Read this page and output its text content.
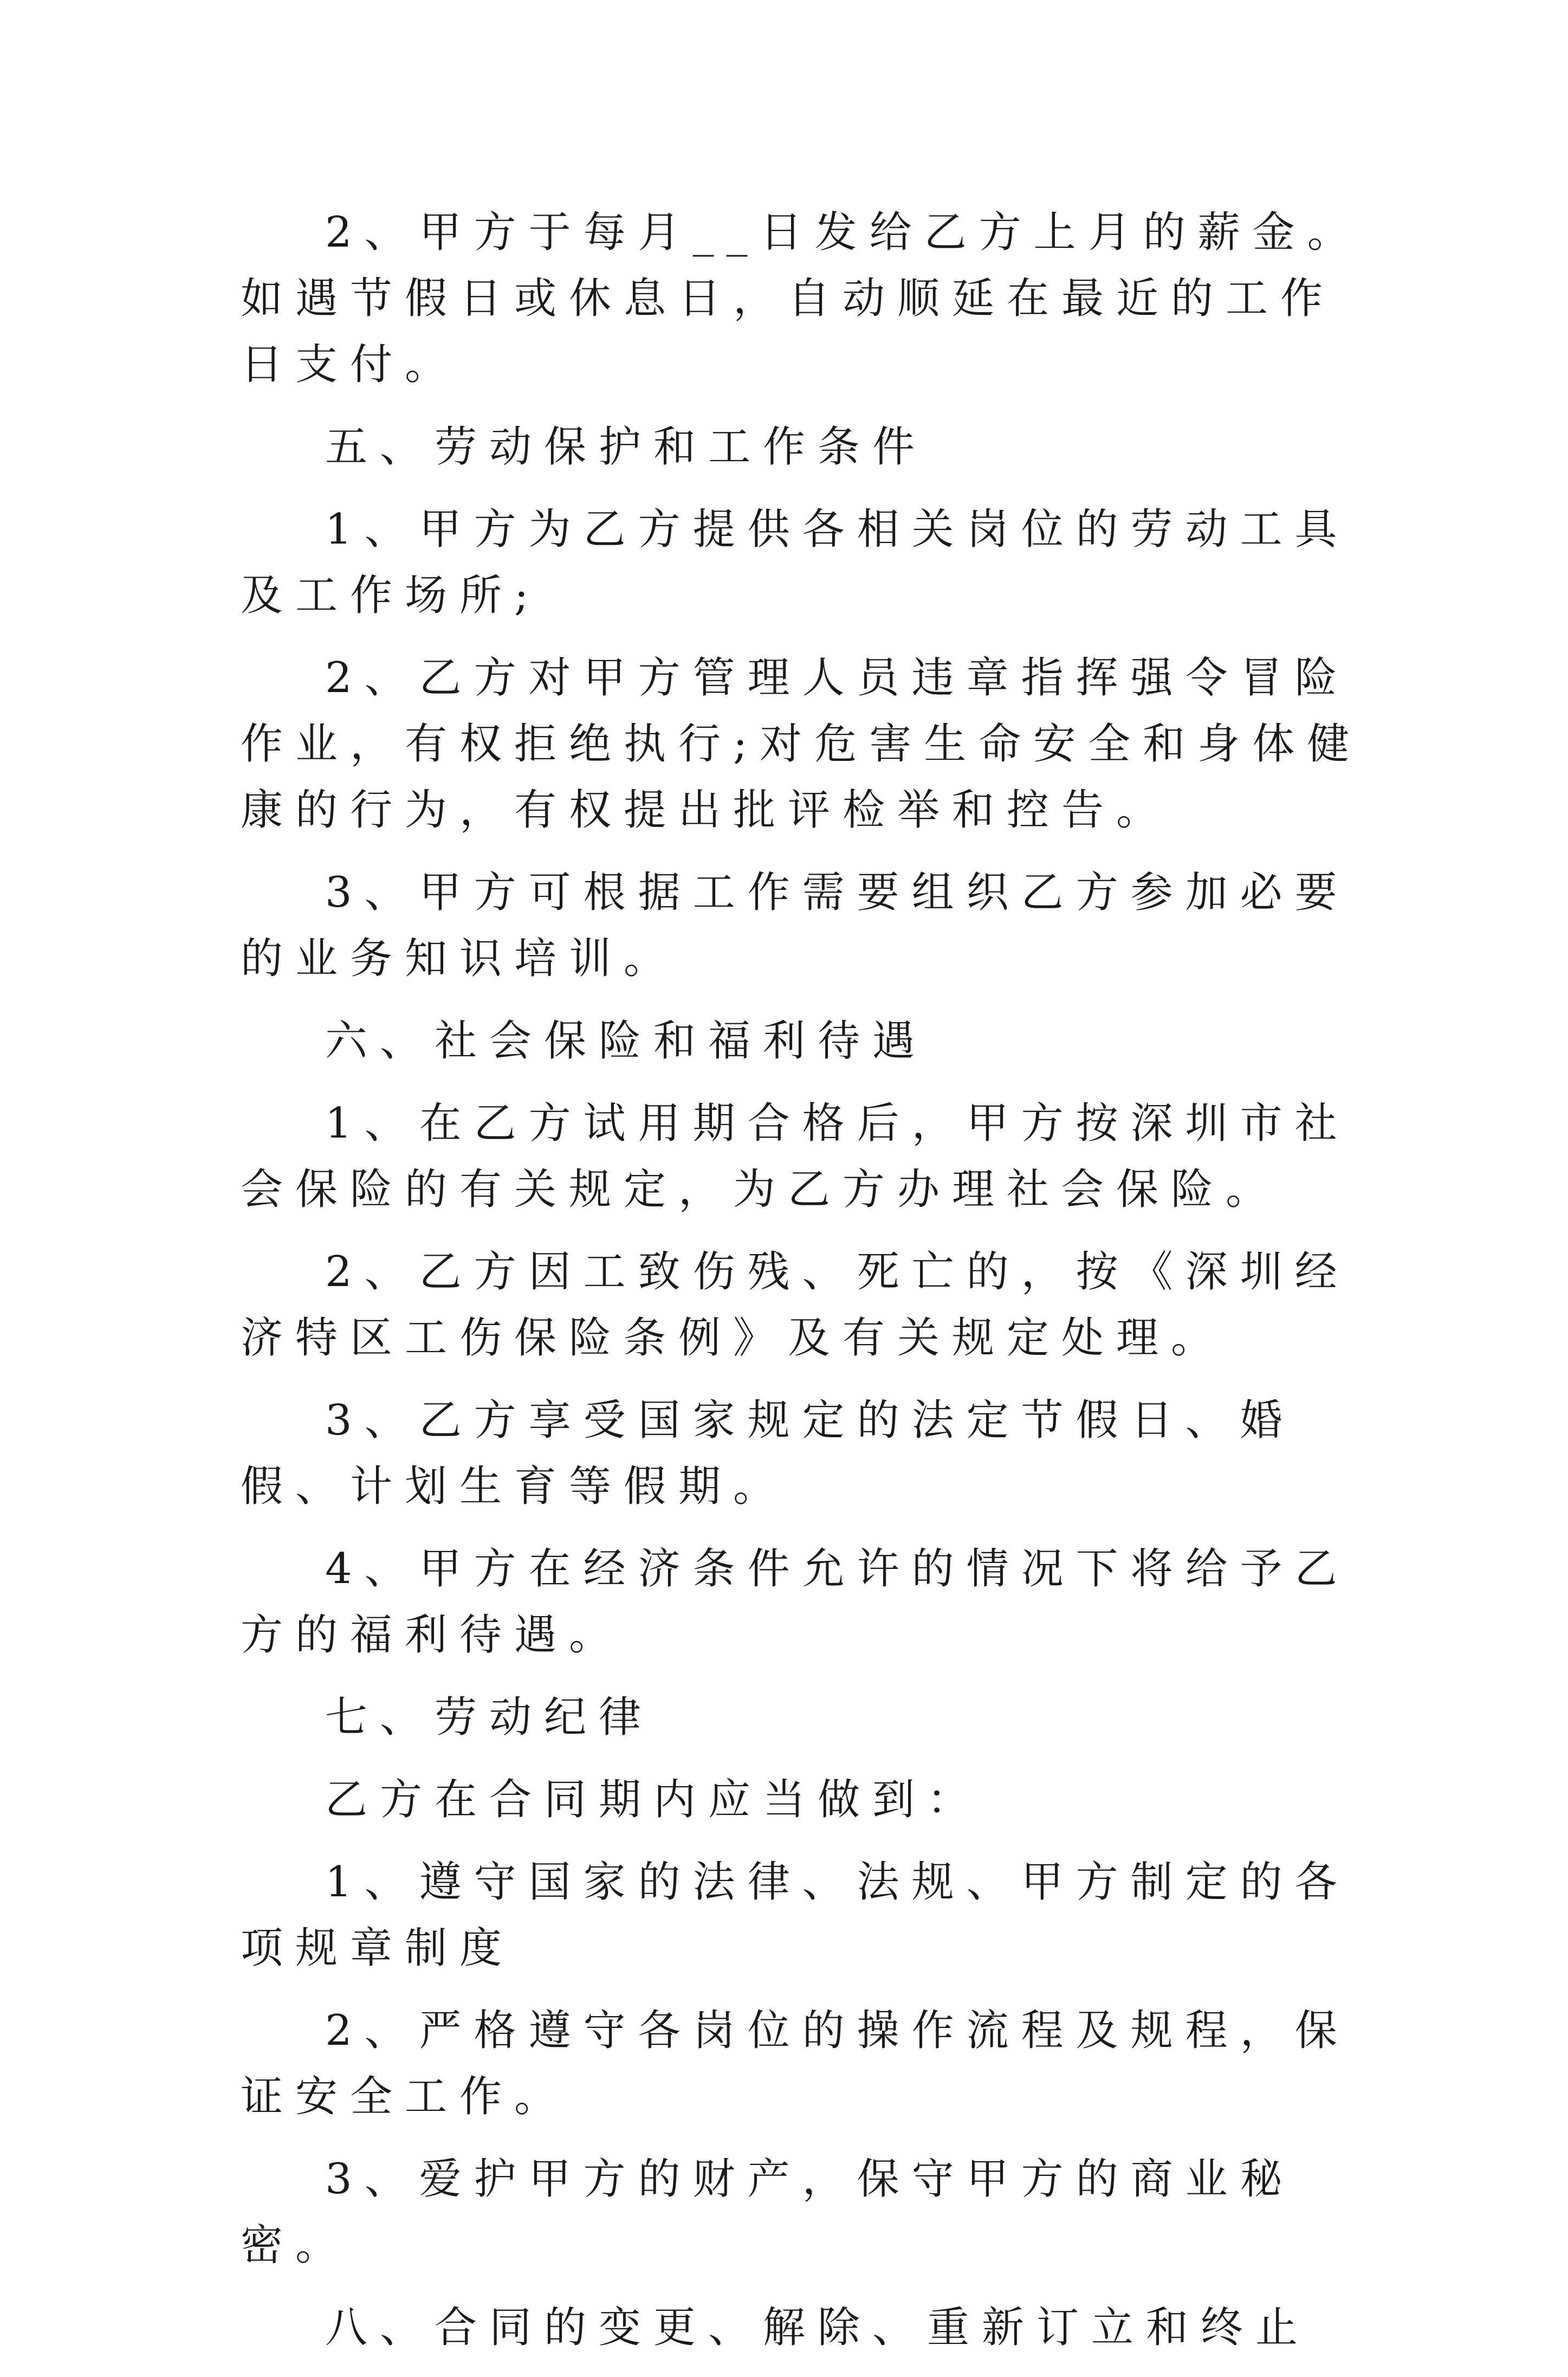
2、甲方于每月__日发给乙方上月的薪金。如遇节假日或休息日，自动顺延在最近的工作日支付。

五、劳动保护和工作条件

1、甲方为乙方提供各相关岗位的劳动工具及工作场所;

2、乙方对甲方管理人员违章指挥强令冒险作业，有权拒绝执行;对危害生命安全和身体健康的行为，有权提出批评检举和控告。

3、甲方可根据工作需要组织乙方参加必要的业务知识培训。

六、社会保险和福利待遇

1、在乙方试用期合格后，甲方按深圳市社会保险的有关规定，为乙方办理社会保险。

2、乙方因工致伤残、死亡的，按《深圳经济特区工伤保险条例》及有关规定处理。

3、乙方享受国家规定的法定节假日、婚假、计划生育等假期。

4、甲方在经济条件允许的情况下将给予乙方的福利待遇。

七、劳动纪律

乙方在合同期内应当做到：

1、遵守国家的法律、法规、甲方制定的各项规章制度

2、严格遵守各岗位的操作流程及规程，保证安全工作。

3、爱护甲方的财产，保守甲方的商业秘密。

八、合同的变更、解除、重新订立和终止
